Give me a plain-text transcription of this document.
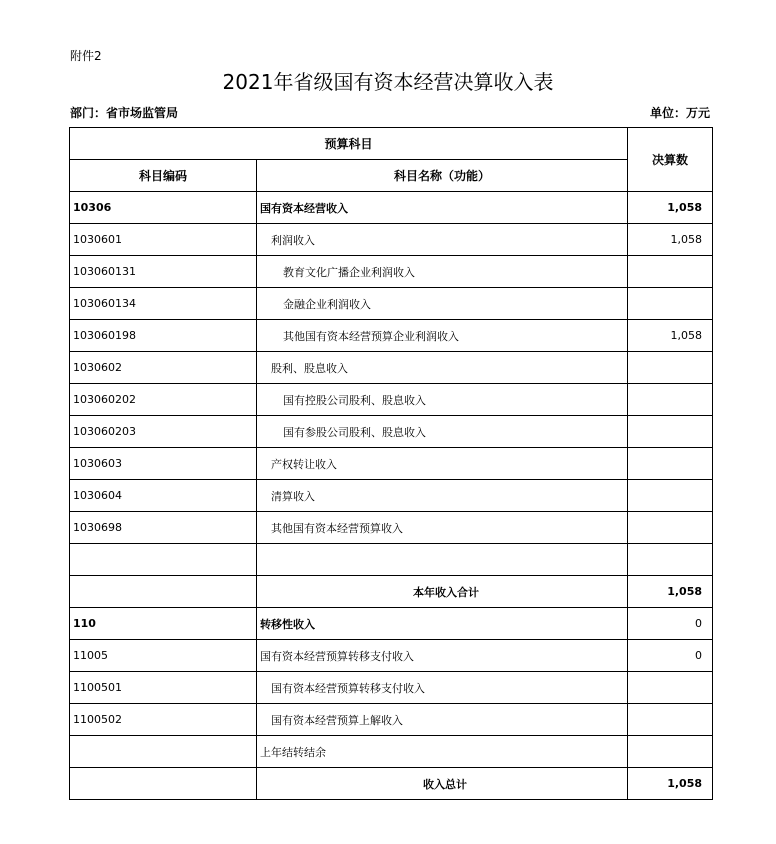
附件2
2021年省级国有资本经营决算收入表
部门：省市场监管局	单位：万元
预算科目		决算数
科目编码	科目名称（功能）	
10306	国有资本经营收入	1,058
1030601	利润收入	1,058
103060131	教育文化广播企业利润收入	
103060134	金融企业利润收入	
103060198	其他国有资本经营预算企业利润收入	1,058
1030602	股利、股息收入	
103060202	国有控股公司股利、股息收入	
103060203	国有参股公司股利、股息收入	
1030603	产权转让收入	
1030604	清算收入	
1030698	其他国有资本经营预算收入	

	本年收入合计	1,058
110	转移性收入	0
11005	国有资本经营预算转移支付收入	0
1100501	国有资本经营预算转移支付收入	
1100502	国有资本经营预算上解收入	
	上年结转结余	
	收入总计	1,058
